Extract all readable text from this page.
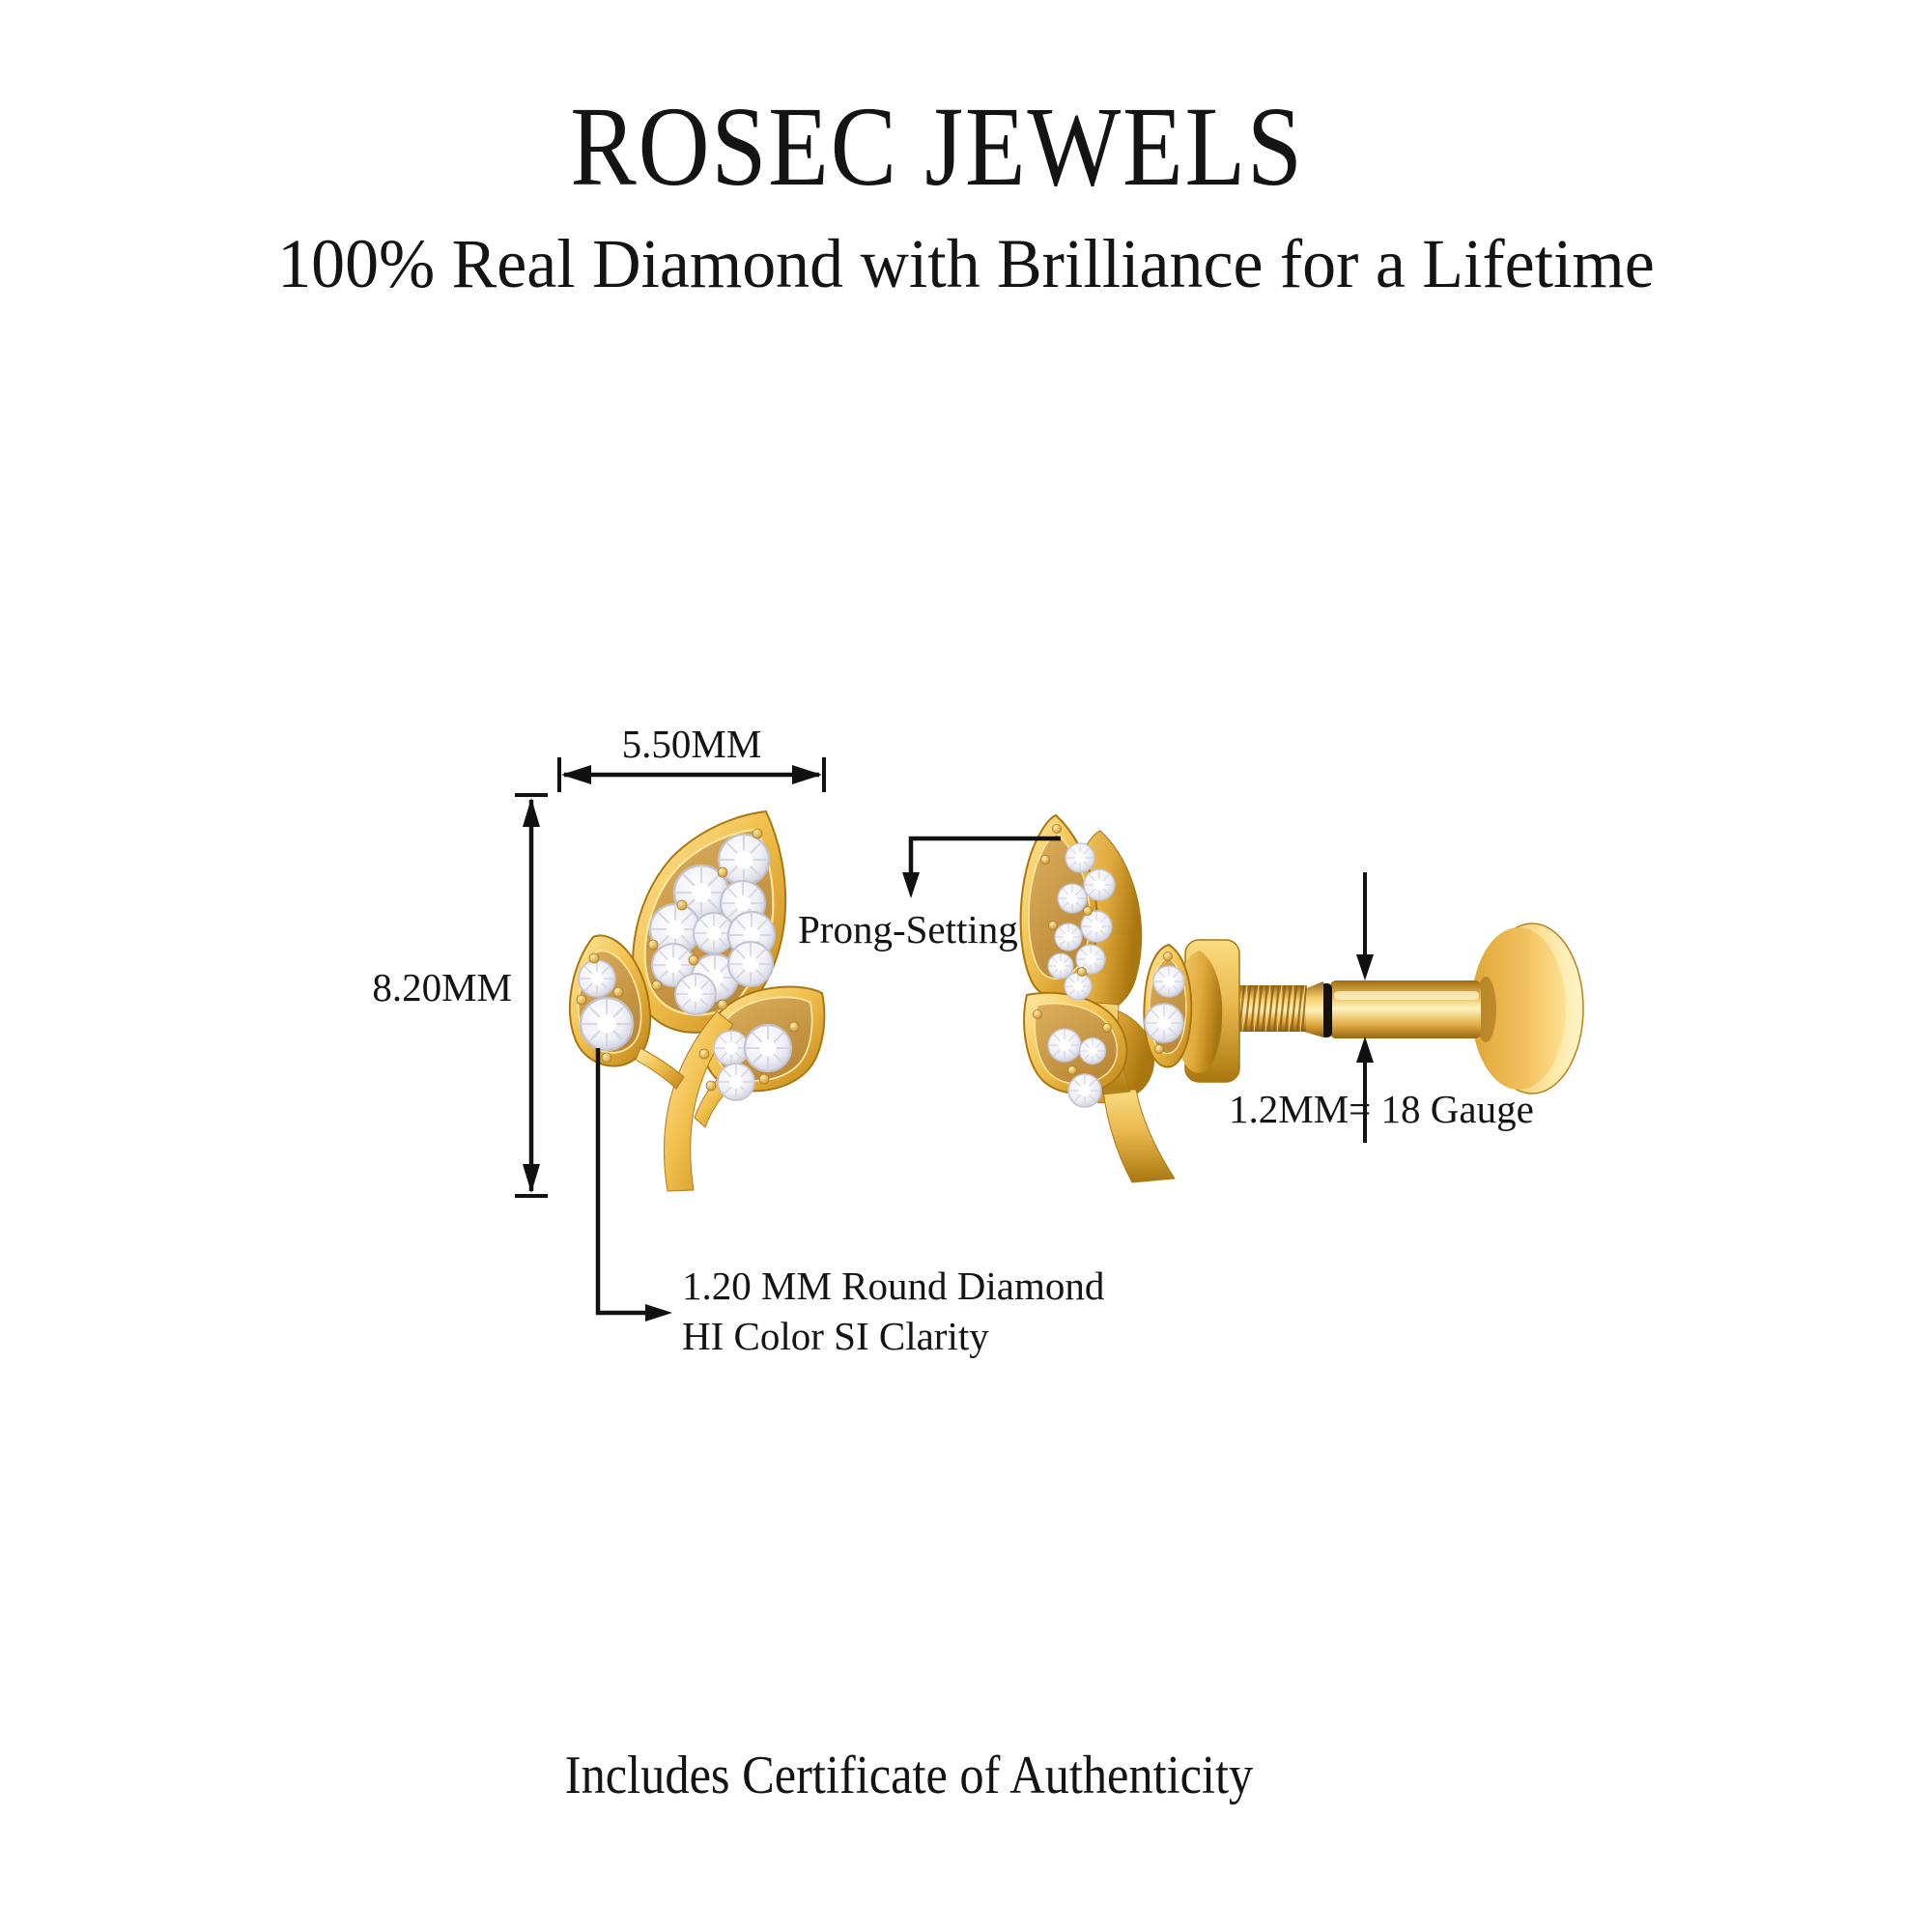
ROSEC JEWELS
100% Real Diamond with Brilliance for a Lifetime
5.50MM
8.20MM
Prong-Setting
1.2MM= 18 Gauge
1.20 MM Round Diamond
HI Color SI Clarity
Includes Certificate of Authenticity
